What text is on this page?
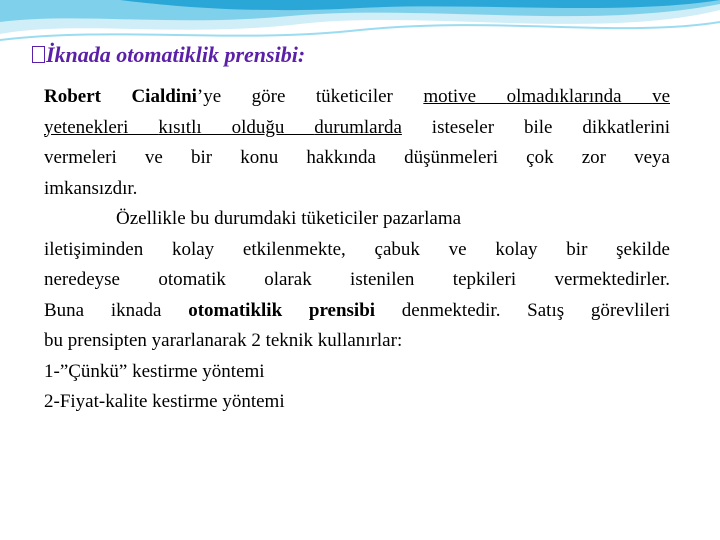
İknada otomatiklik prensibi:

Robert Cialdini’ye göre tüketiciler motive olmadıklarında ve

yetenekleri kısıtlı olduğu durumlarda isteseler bile dikkatlerini

vermeleri ve bir konu hakkında düşünmeleri çok zor veya

imkansızdır.

Özellikle bu durumdaki tüketiciler pazarlama

iletişiminden kolay etkilenmekte, çabuk ve kolay bir şekilde

neredeyse otomatik olarak istenilen tepkileri vermektedirler.

Buna iknada otomatiklik prensibi denmektedir. Satış görevlileri

bu prensipten yararlanarak 2 teknik kullanırlar:

1-”Çünkü” kestirme yöntemi

2-Fiyat-kalite kestirme yöntemi
